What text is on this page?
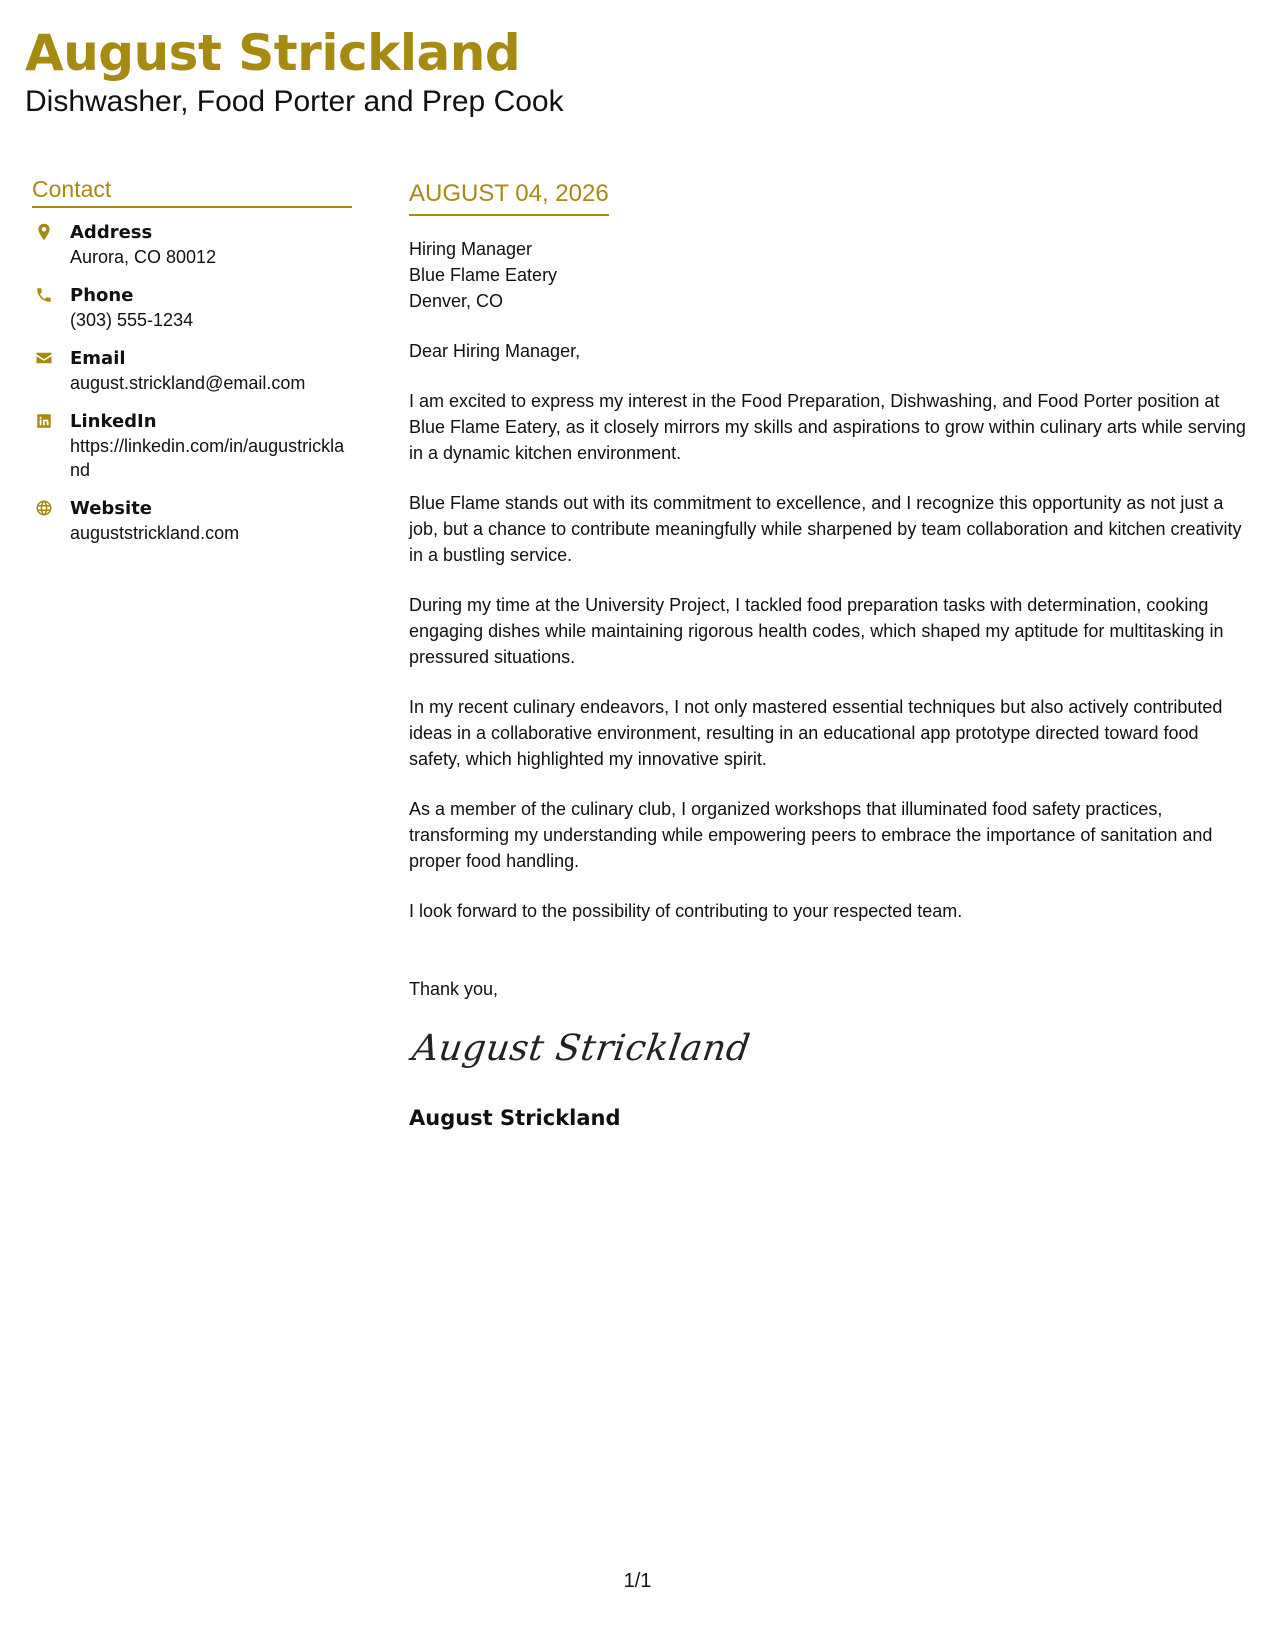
August Strickland
Dishwasher, Food Porter and Prep Cook
Contact
Address
Aurora, CO 80012
Phone
(303) 555-1234
Email
august.strickland@email.com
LinkedIn
https://linkedin.com/in/augustrickland
Website
auguststrickland.com
AUGUST 04, 2026
Hiring Manager
Blue Flame Eatery
Denver, CO
Dear Hiring Manager,
I am excited to express my interest in the Food Preparation, Dishwashing, and Food Porter position at Blue Flame Eatery, as it closely mirrors my skills and aspirations to grow within culinary arts while serving in a dynamic kitchen environment.
Blue Flame stands out with its commitment to excellence, and I recognize this opportunity as not just a job, but a chance to contribute meaningfully while sharpened by team collaboration and kitchen creativity in a bustling service.
During my time at the University Project, I tackled food preparation tasks with determination, cooking engaging dishes while maintaining rigorous health codes, which shaped my aptitude for multitasking in pressured situations.
In my recent culinary endeavors, I not only mastered essential techniques but also actively contributed ideas in a collaborative environment, resulting in an educational app prototype directed toward food safety, which highlighted my innovative spirit.
As a member of the culinary club, I organized workshops that illuminated food safety practices, transforming my understanding while empowering peers to embrace the importance of sanitation and proper food handling.
I look forward to the possibility of contributing to your respected team.
Thank you,
August Strickland
August Strickland
1/1
